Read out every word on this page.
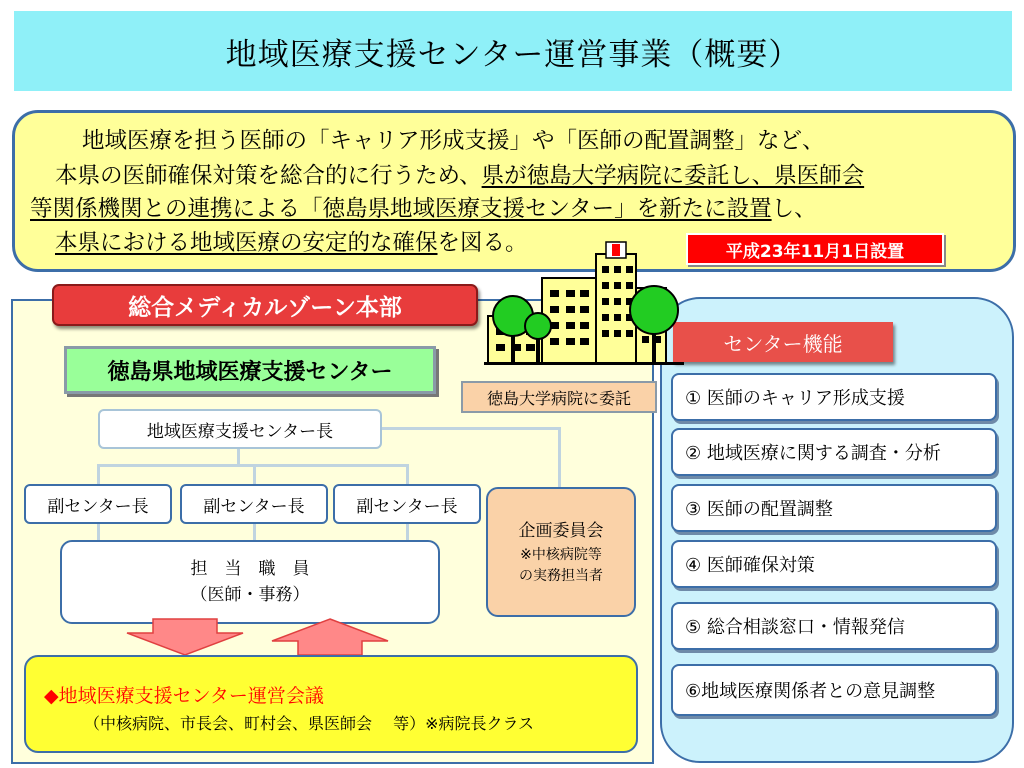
地域医療支援センター運営事業（概要）
地域医療を担う医師の「キャリア形成支援」や「医師の配置調整」など、
本県の医師確保対策を総合的に行うため、県が徳島大学病院に委託し、県医師会
等関係機関との連携による「徳島県地域医療支援センター」を新たに設置し、
本県における地域医療の安定的な確保を図る。	平成23年11月1日設置
総合メディカルゾーン本部
徳島県地域医療支援センター
地域医療支援センター長
副センター長	副センター長	副センター長
担　当　職　員
（医師・事務）
企画委員会
※中核病院等
の実務担当者
◆地域医療支援センター運営会議
（中核病院、市長会、町村会、県医師会　 等）※病院長クラス
センター機能
① 医師のキャリア形成支援
② 地域医療に関する調査・分析
③ 医師の配置調整
④ 医師確保対策
⑤ 総合相談窓口・情報発信
⑥地域医療関係者との意見調整
徳島大学病院に委託
